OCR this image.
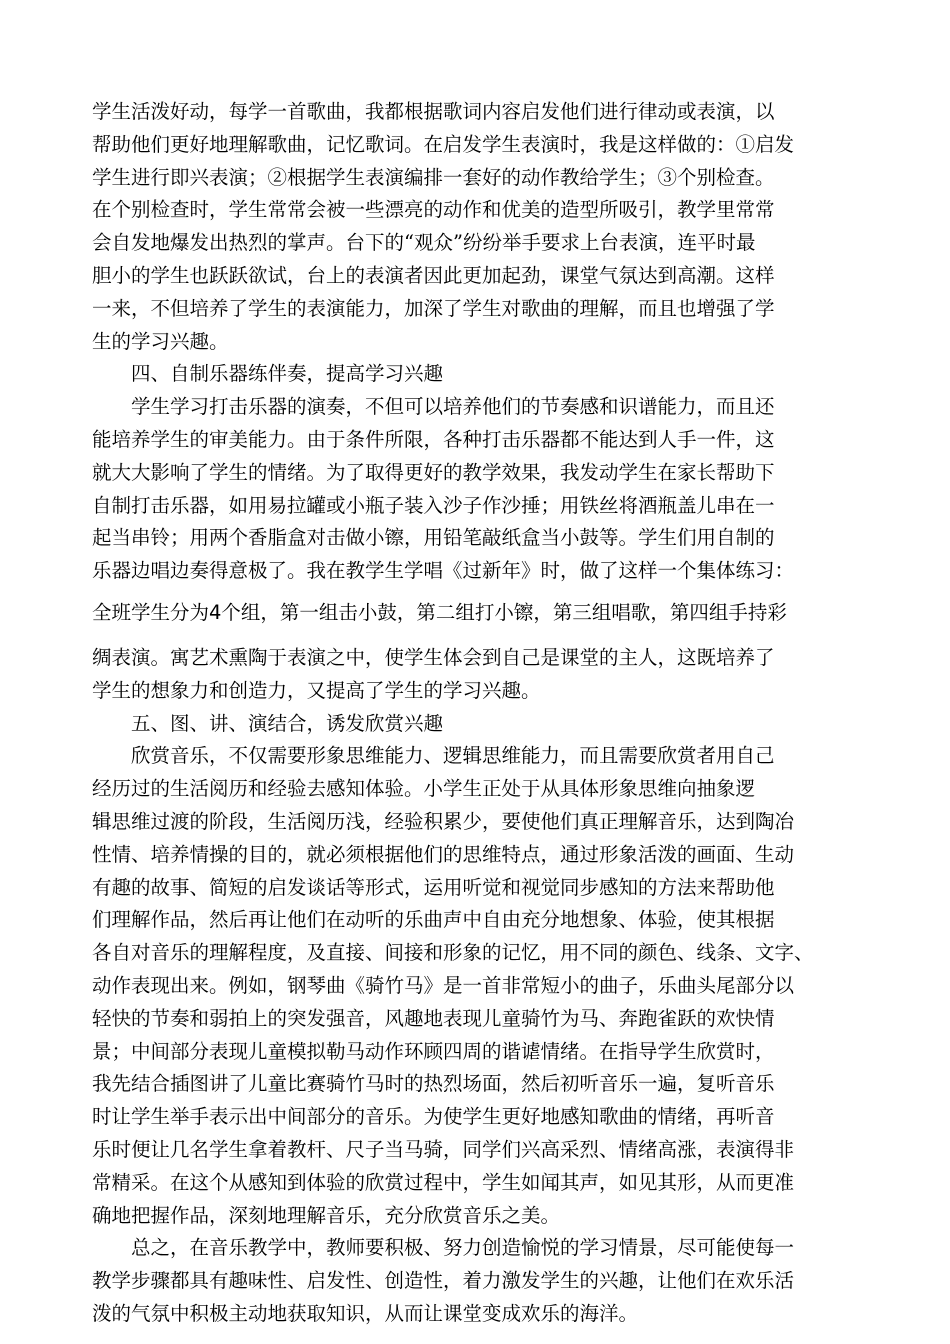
学生活泼好动，每学一首歌曲，我都根据歌词内容启发他们进行律动或表演，以
帮助他们更好地理解歌曲，记忆歌词。在启发学生表演时，我是这样做的：①启发
学生进行即兴表演；②根据学生表演编排一套好的动作教给学生；③个别检查。
在个别检查时，学生常常会被一些漂亮的动作和优美的造型所吸引，教学里常常
会自发地爆发出热烈的掌声。台下的“观众”纷纷举手要求上台表演，连平时最
胆小的学生也跃跃欲试，台上的表演者因此更加起劲，课堂气氛达到高潮。这样
一来，不但培养了学生的表演能力，加深了学生对歌曲的理解，而且也增强了学
生的学习兴趣。

　　四、自制乐器练伴奏，提高学习兴趣

　　学生学习打击乐器的演奏，不但可以培养他们的节奏感和识谱能力，而且还
能培养学生的审美能力。由于条件所限，各种打击乐器都不能达到人手一件，这
就大大影响了学生的情绪。为了取得更好的教学效果，我发动学生在家长帮助下
自制打击乐器，如用易拉罐或小瓶子装入沙子作沙捶；用铁丝将酒瓶盖儿串在一
起当串铃；用两个香脂盒对击做小镲，用铅笔敲纸盒当小鼓等。学生们用自制的
乐器边唱边奏得意极了。我在教学生学唱《过新年》时，做了这样一个集体练习：

全班学生分为4个组，第一组击小鼓，第二组打小镲，第三组唱歌，第四组手持彩

绸表演。寓艺术熏陶于表演之中，使学生体会到自己是课堂的主人，这既培养了
学生的想象力和创造力，又提高了学生的学习兴趣。

　　五、图、讲、演结合，诱发欣赏兴趣

　　欣赏音乐，不仅需要形象思维能力、逻辑思维能力，而且需要欣赏者用自己
经历过的生活阅历和经验去感知体验。小学生正处于从具体形象思维向抽象逻
辑思维过渡的阶段，生活阅历浅，经验积累少，要使他们真正理解音乐，达到陶冶
性情、培养情操的目的，就必须根据他们的思维特点，通过形象活泼的画面、生动
有趣的故事、简短的启发谈话等形式，运用听觉和视觉同步感知的方法来帮助他
们理解作品，然后再让他们在动听的乐曲声中自由充分地想象、体验，使其根据
各自对音乐的理解程度，及直接、间接和形象的记忆，用不同的颜色、线条、文字、
动作表现出来。例如，钢琴曲《骑竹马》是一首非常短小的曲子，乐曲头尾部分以
轻快的节奏和弱拍上的突发强音，风趣地表现儿童骑竹为马、奔跑雀跃的欢快情
景；中间部分表现儿童模拟勒马动作环顾四周的谐谑情绪。在指导学生欣赏时，
我先结合插图讲了儿童比赛骑竹马时的热烈场面，然后初听音乐一遍，复听音乐
时让学生举手表示出中间部分的音乐。为使学生更好地感知歌曲的情绪，再听音
乐时便让几名学生拿着教杆、尺子当马骑，同学们兴高采烈、情绪高涨，表演得非
常精采。在这个从感知到体验的欣赏过程中，学生如闻其声，如见其形，从而更准
确地把握作品，深刻地理解音乐，充分欣赏音乐之美。

　　总之，在音乐教学中，教师要积极、努力创造愉悦的学习情景，尽可能使每一
教学步骤都具有趣味性、启发性、创造性，着力激发学生的兴趣，让他们在欢乐活
泼的气氛中积极主动地获取知识，从而让课堂变成欢乐的海洋。
